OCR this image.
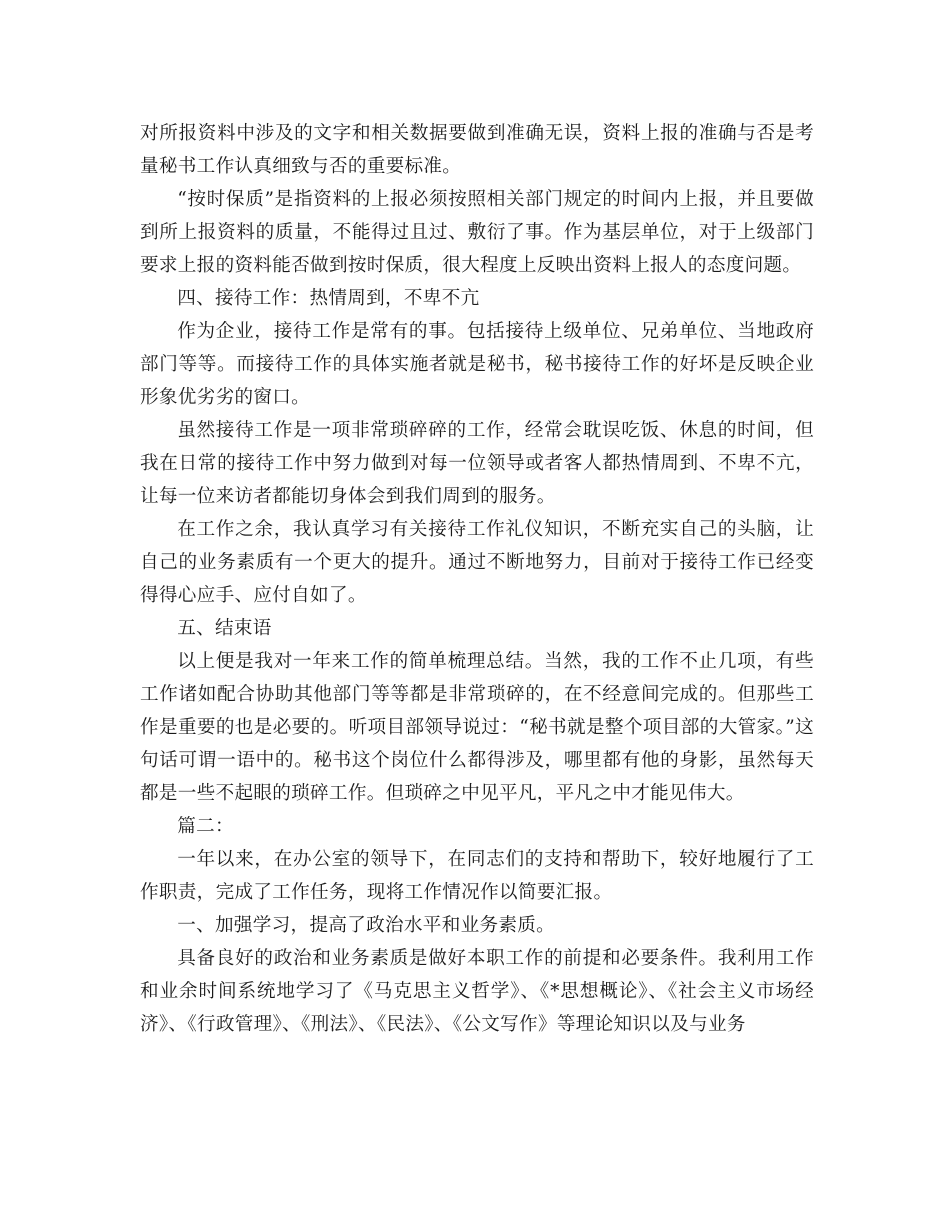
对所报资料中涉及的文字和相关数据要做到准确无误，资料上报的准确与否是考量秘书工作认真细致与否的重要标准。

“按时保质”是指资料的上报必须按照相关部门规定的时间内上报，并且要做到所上报资料的质量，不能得过且过、敷衍了事。作为基层单位，对于上级部门要求上报的资料能否做到按时保质，很大程度上反映出资料上报人的态度问题。

四、接待工作：热情周到，不卑不亢

作为企业，接待工作是常有的事。包括接待上级单位、兄弟单位、当地政府部门等等。而接待工作的具体实施者就是秘书，秘书接待工作的好坏是反映企业形象优劣劣的窗口。

虽然接待工作是一项非常琐碎碎的工作，经常会耽误吃饭、休息的时间，但我在日常的接待工作中努力做到对每一位领导或者客人都热情周到、不卑不亢，让每一位来访者都能切身体会到我们周到的服务。

在工作之余，我认真学习有关接待工作礼仪知识，不断充实自己的头脑，让自己的业务素质有一个更大的提升。通过不断地努力，目前对于接待工作已经变得得心应手、应付自如了。

五、结束语

以上便是我对一年来工作的简单梳理总结。当然，我的工作不止几项，有些工作诸如配合协助其他部门等等都是非常琐碎的，在不经意间完成的。但那些工作是重要的也是必要的。听项目部领导说过：“秘书就是整个项目部的大管家。”这句话可谓一语中的。秘书这个岗位什么都得涉及，哪里都有他的身影，虽然每天都是一些不起眼的琐碎工作。但琐碎之中见平凡，平凡之中才能见伟大。

篇二：

一年以来，在办公室的领导下，在同志们的支持和帮助下，较好地履行了工作职责，完成了工作任务，现将工作情况作以简要汇报。

一、加强学习，提高了政治水平和业务素质。

具备良好的政治和业务素质是做好本职工作的前提和必要条件。我利用工作和业余时间系统地学习了《马克思主义哲学》、《*思想概论》、《社会主义市场经济》、《行政管理》、《刑法》、《民法》、《公文写作》等理论知识以及与业务
